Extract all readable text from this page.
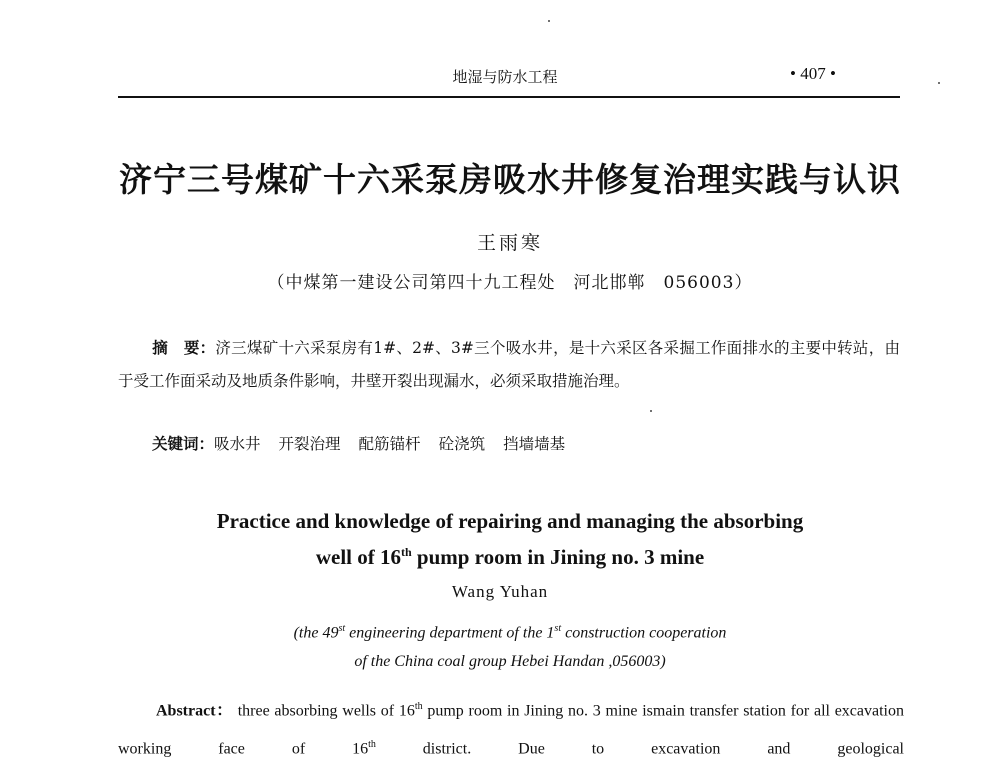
地湿与防水工程	• 407 •
济宁三号煤矿十六采泵房吸水井修复治理实践与认识
王雨寒
（中煤第一建设公司第四十九工程处　河北邯郸　056003）
摘　要：济三煤矿十六采泵房有1#、2#、3#三个吸水井，是十六采区各采掘工作面排水的主要中转站，由于受工作面采动及地质条件影响，井壁开裂出现漏水，必须采取措施治理。
关键词：吸水井 开裂治理 配筋锚杆 砼浇筑 挡墙墙基
Practice and knowledge of repairing and managing the absorbing
well of 16th pump room in Jining no. 3 mine
Wang Yuhan
(the 49st engineering department of the 1st construction cooperation
of the China coal group Hebei Handan ,056003)
Abstract： three absorbing wells of 16th pump room in Jining no. 3 mine ismain transfer station for all excavation working face of 16th district. Due to excavation and geological
